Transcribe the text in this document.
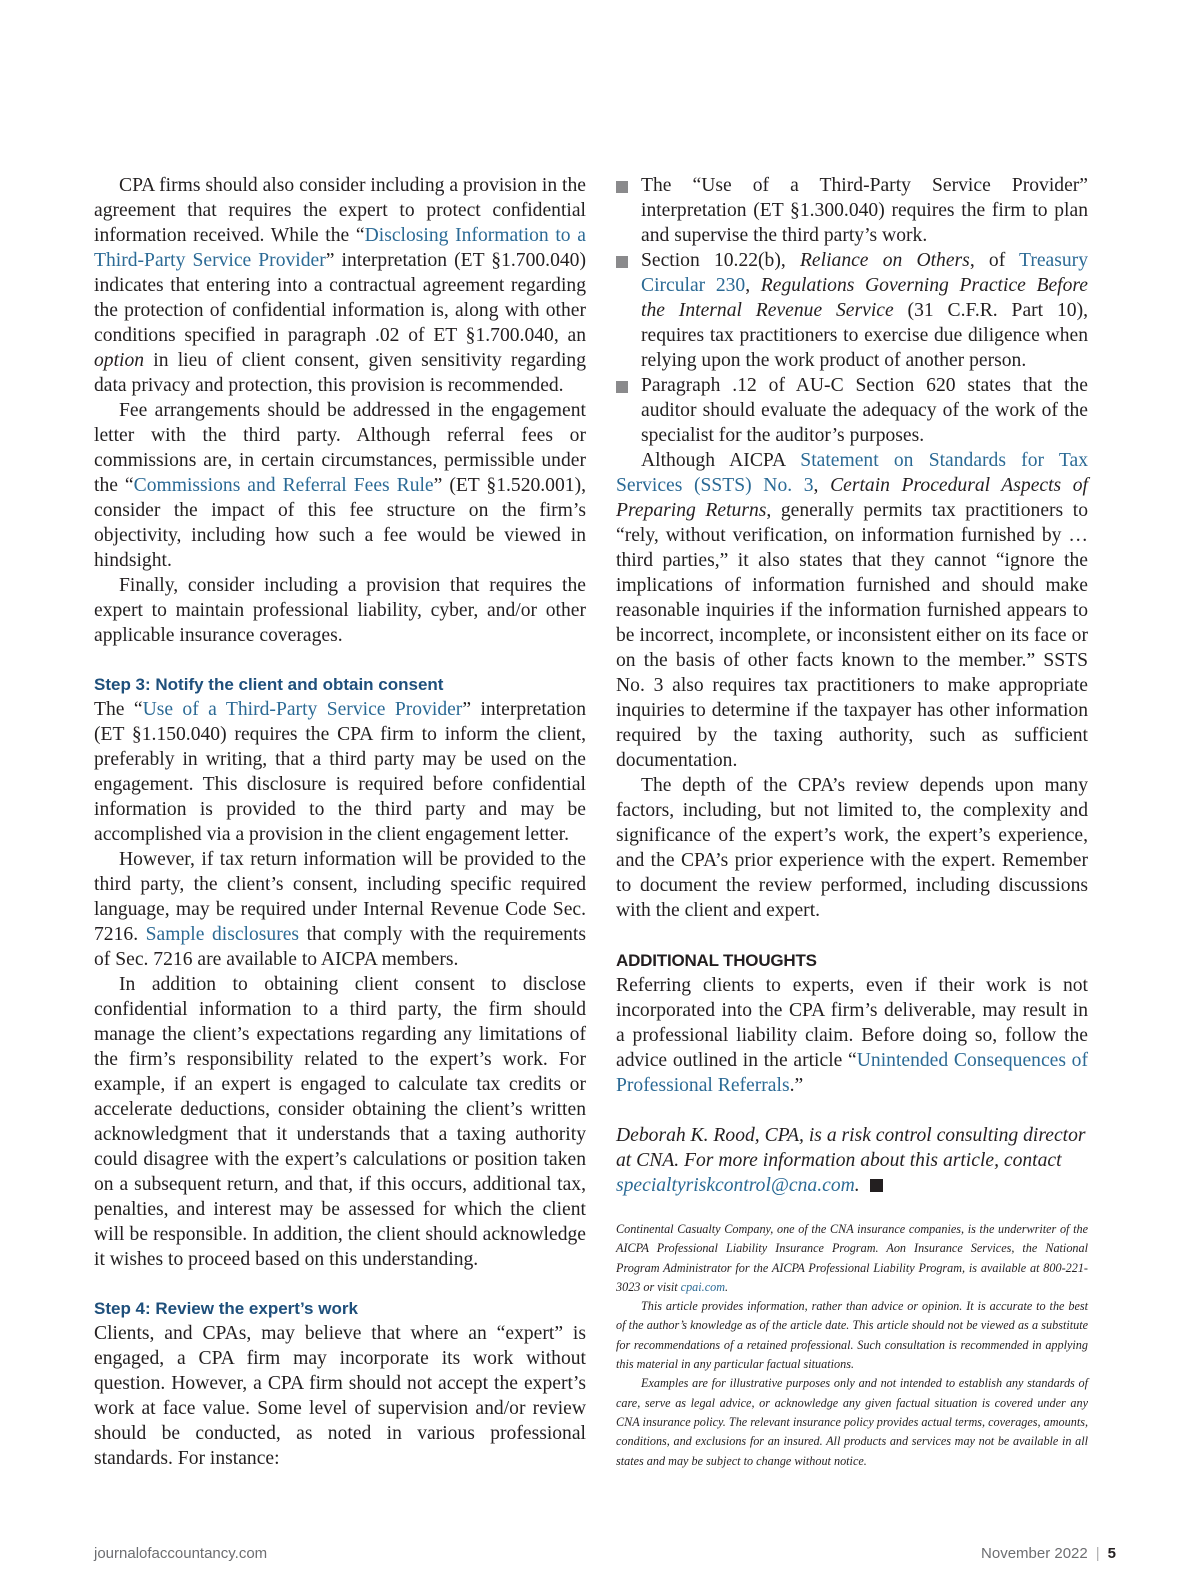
CPA firms should also consider including a provision in the agreement that requires the expert to protect confidential information received. While the “Disclosing Information to a Third-Party Service Provider” interpretation (ET §1.700.040) indicates that entering into a contractual agreement regarding the protection of confidential information is, along with other conditions specified in paragraph .02 of ET §1.700.040, an option in lieu of client consent, given sensitivity regarding data privacy and protection, this provision is recommended.

Fee arrangements should be addressed in the engagement letter with the third party. Although referral fees or commissions are, in certain circumstances, permissible under the “Commissions and Referral Fees Rule” (ET §1.520.001), consider the impact of this fee structure on the firm’s objectivity, including how such a fee would be viewed in hindsight.

Finally, consider including a provision that requires the expert to maintain professional liability, cyber, and/or other applicable insurance coverages.

Step 3: Notify the client and obtain consent

The “Use of a Third-Party Service Provider” interpretation (ET §1.150.040) requires the CPA firm to inform the client, preferably in writing, that a third party may be used on the engagement. This disclosure is required before confidential information is provided to the third party and may be accomplished via a provision in the client engagement letter.

However, if tax return information will be provided to the third party, the client’s consent, including specific required language, may be required under Internal Revenue Code Sec. 7216. Sample disclosures that comply with the requirements of Sec. 7216 are available to AICPA members.

In addition to obtaining client consent to disclose confidential information to a third party, the firm should manage the client’s expectations regarding any limitations of the firm’s responsibility related to the expert’s work. For example, if an expert is engaged to calculate tax credits or accelerate deductions, consider obtaining the client’s written acknowledgment that it understands that a taxing authority could disagree with the expert’s calculations or position taken on a subsequent return, and that, if this occurs, additional tax, penalties, and interest may be assessed for which the client will be responsible. In addition, the client should acknowledge it wishes to proceed based on this understanding.

Step 4: Review the expert’s work

Clients, and CPAs, may believe that where an “expert” is engaged, a CPA firm may incorporate its work without question. However, a CPA firm should not accept the expert’s work at face value. Some level of supervision and/or review should be conducted, as noted in various professional standards. For instance:

The “Use of a Third-Party Service Provider” interpretation (ET §1.300.040) requires the firm to plan and supervise the third party’s work.
Section 10.22(b), Reliance on Others, of Treasury Circular 230, Regulations Governing Practice Before the Internal Revenue Service (31 C.F.R. Part 10), requires tax practitioners to exercise due diligence when relying upon the work product of another person.
Paragraph .12 of AU-C Section 620 states that the auditor should evaluate the adequacy of the work of the specialist for the auditor’s purposes.

Although AICPA Statement on Standards for Tax Services (SSTS) No. 3, Certain Procedural Aspects of Preparing Returns, generally permits tax practitioners to “rely, without verification, on information furnished by … third parties,” it also states that they cannot “ignore the implications of information furnished and should make reasonable inquiries if the information furnished appears to be incorrect, incomplete, or inconsistent either on its face or on the basis of other facts known to the member.” SSTS No. 3 also requires tax practitioners to make appropriate inquiries to determine if the taxpayer has other information required by the taxing authority, such as sufficient documentation.

The depth of the CPA’s review depends upon many factors, including, but not limited to, the complexity and significance of the expert’s work, the expert’s experience, and the CPA’s prior experience with the expert. Remember to document the review performed, including discussions with the client and expert.

ADDITIONAL THOUGHTS

Referring clients to experts, even if their work is not incorporated into the CPA firm’s deliverable, may result in a professional liability claim. Before doing so, follow the advice outlined in the article “Unintended Consequences of Professional Referrals.”

Deborah K. Rood, CPA, is a risk control consulting director at CNA. For more information about this article, contact specialtyriskcontrol@cna.com.

Continental Casualty Company, one of the CNA insurance companies, is the underwriter of the AICPA Professional Liability Insurance Program. Aon Insurance Services, the National Program Administrator for the AICPA Professional Liability Program, is available at 800-221-3023 or visit cpai.com.

This article provides information, rather than advice or opinion. It is accurate to the best of the author’s knowledge as of the article date. This article should not be viewed as a substitute for recommendations of a retained professional. Such consultation is recommended in applying this material in any particular factual situations.

Examples are for illustrative purposes only and not intended to establish any standards of care, serve as legal advice, or acknowledge any given factual situation is covered under any CNA insurance policy. The relevant insurance policy provides actual terms, coverages, amounts, conditions, and exclusions for an insured. All products and services may not be available in all states and may be subject to change without notice.

journalofaccountancy.com	November 2022 | 5
